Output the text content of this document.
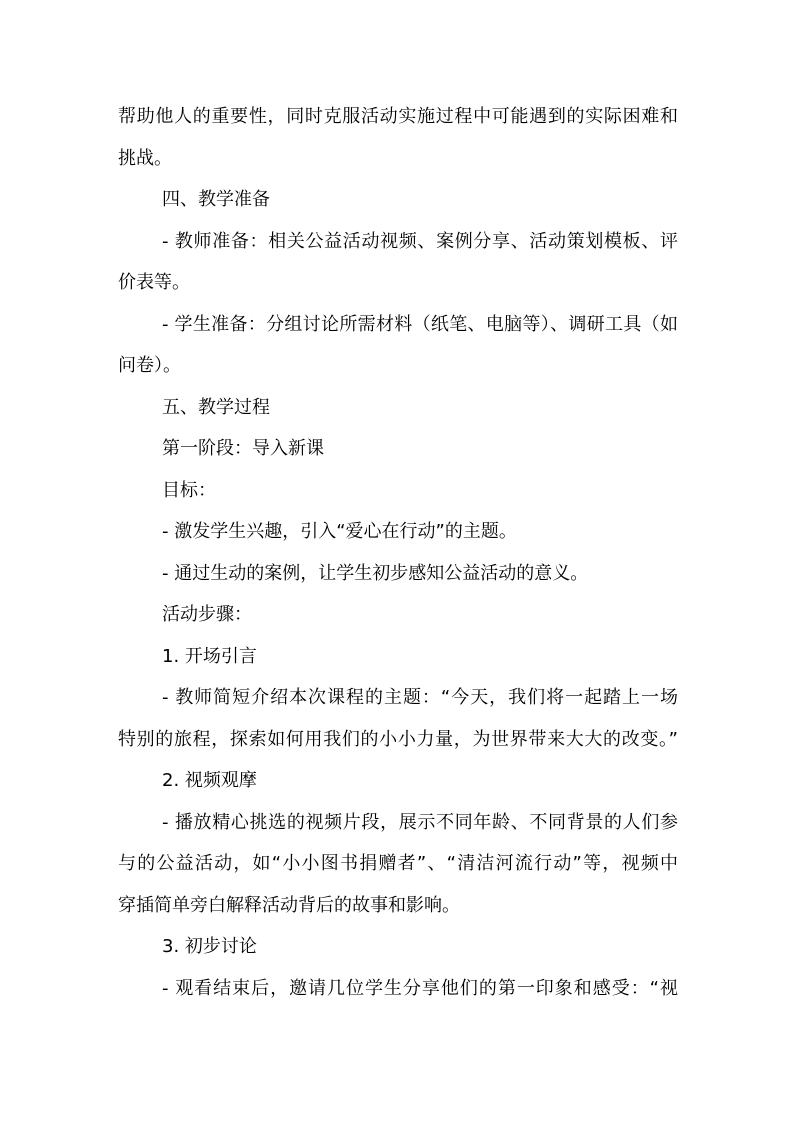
帮助他人的重要性，同时克服活动实施过程中可能遇到的实际困难和

挑战。

四、教学准备

- 教师准备：相关公益活动视频、案例分享、活动策划模板、评

价表等。

- 学生准备：分组讨论所需材料（纸笔、电脑等）、调研工具（如

问卷）。

五、教学过程

第一阶段：导入新课

目标：

- 激发学生兴趣，引入“爱心在行动”的主题。

- 通过生动的案例，让学生初步感知公益活动的意义。

活动步骤：

1. 开场引言

- 教师简短介绍本次课程的主题：“今天，我们将一起踏上一场

特别的旅程，探索如何用我们的小小力量，为世界带来大大的改变。”

2. 视频观摩

- 播放精心挑选的视频片段，展示不同年龄、不同背景的人们参

与的公益活动，如“小小图书捐赠者”、“清洁河流行动”等，视频中

穿插简单旁白解释活动背后的故事和影响。

3. 初步讨论

- 观看结束后，邀请几位学生分享他们的第一印象和感受：“视
